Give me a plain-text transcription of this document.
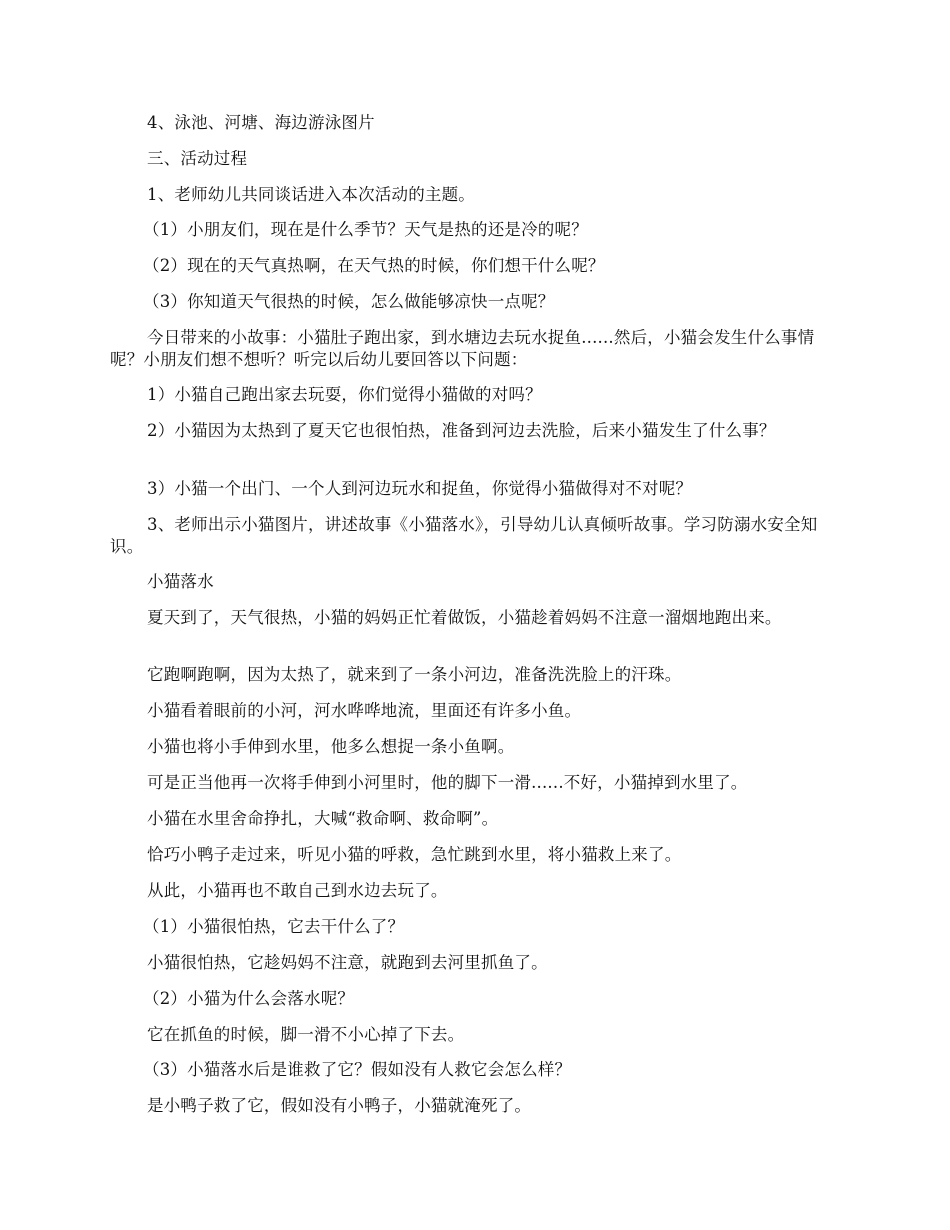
4、泳池、河塘、海边游泳图片
三、活动过程
1、老师幼儿共同谈话进入本次活动的主题。
（1）小朋友们，现在是什么季节？天气是热的还是冷的呢？
（2）现在的天气真热啊，在天气热的时候，你们想干什么呢？
（3）你知道天气很热的时候，怎么做能够凉快一点呢？
今日带来的小故事：小猫肚子跑出家，到水塘边去玩水捉鱼......然后，小猫会发生什么事情呢？小朋友们想不想听？听完以后幼儿要回答以下问题：
1）小猫自己跑出家去玩耍，你们觉得小猫做的对吗？
2）小猫因为太热到了夏天它也很怕热，准备到河边去洗脸，后来小猫发生了什么事？
3）小猫一个出门、一个人到河边玩水和捉鱼，你觉得小猫做得对不对呢？
3、老师出示小猫图片，讲述故事《小猫落水》，引导幼儿认真倾听故事。学习防溺水安全知识。
小猫落水
夏天到了，天气很热，小猫的妈妈正忙着做饭，小猫趁着妈妈不注意一溜烟地跑出来。
它跑啊跑啊，因为太热了，就来到了一条小河边，准备洗洗脸上的汗珠。
小猫看着眼前的小河，河水哗哗地流，里面还有许多小鱼。
小猫也将小手伸到水里，他多么想捉一条小鱼啊。
可是正当他再一次将手伸到小河里时，他的脚下一滑......不好，小猫掉到水里了。
小猫在水里舍命挣扎，大喊“救命啊、救命啊”。
恰巧小鸭子走过来，听见小猫的呼救，急忙跳到水里，将小猫救上来了。
从此，小猫再也不敢自己到水边去玩了。
（1）小猫很怕热，它去干什么了？
小猫很怕热，它趁妈妈不注意，就跑到去河里抓鱼了。
（2）小猫为什么会落水呢？
它在抓鱼的时候，脚一滑不小心掉了下去。
（3）小猫落水后是谁救了它？假如没有人救它会怎么样？
是小鸭子救了它，假如没有小鸭子，小猫就淹死了。
